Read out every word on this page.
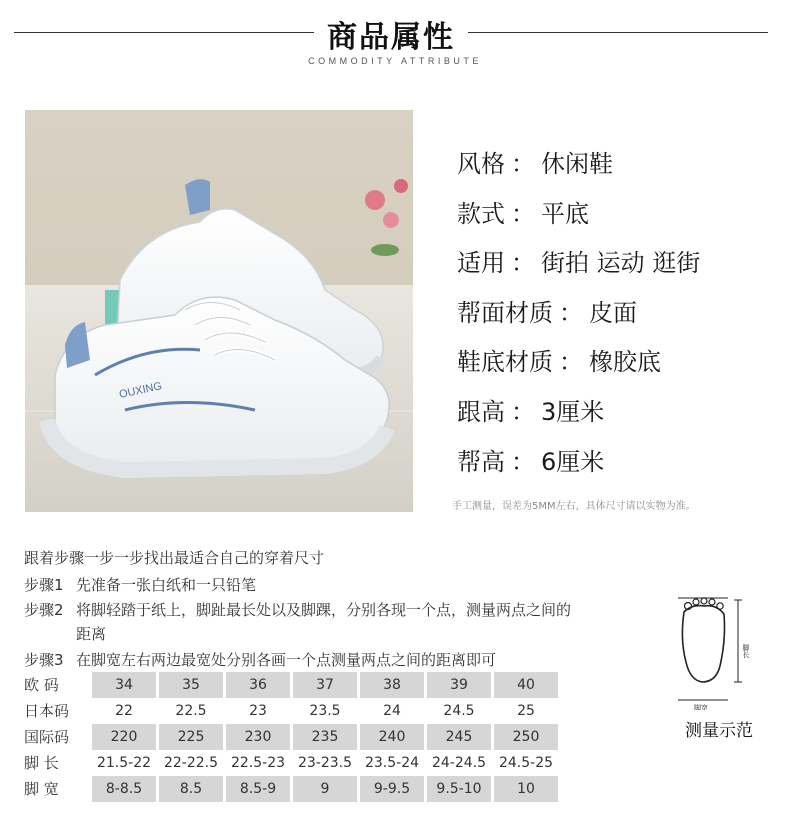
商品属性
COMMODITY ATTRIBUTE
OUXING
风格 ： 休闲鞋
款式 ： 平底
适用 ： 街拍 运动 逛街
帮面材质 ： 皮面
鞋底材质 ： 橡胶底
跟高 ： 3厘米
帮高 ： 6厘米
手工测量，误差为5MM左右，具体尺寸请以实物为准。
跟着步骤一步一步找出最适合自己的穿着尺寸
步骤1 先准备一张白纸和一只铅笔
步骤2 将脚轻踏于纸上，脚趾最长处以及脚踝，分别各现一个点，测量两点之间的
距离
步骤3 在脚宽左右两边最宽处分别各画一个点测量两点之间的距离即可
欧 码	34	35	36	37	38	39	40
日本码	22	22.5	23	23.5	24	24.5	25
国际码	220	225	230	235	240	245	250
脚 长	21.5-22 22-22.5 22.5-23 23-23.5 23.5-24 24-24.5 24.5-25
脚 宽	8-8.5	8.5	8.5-9	9	9-9.5	9.5-10	10
脚长
脚宽
测量示范
